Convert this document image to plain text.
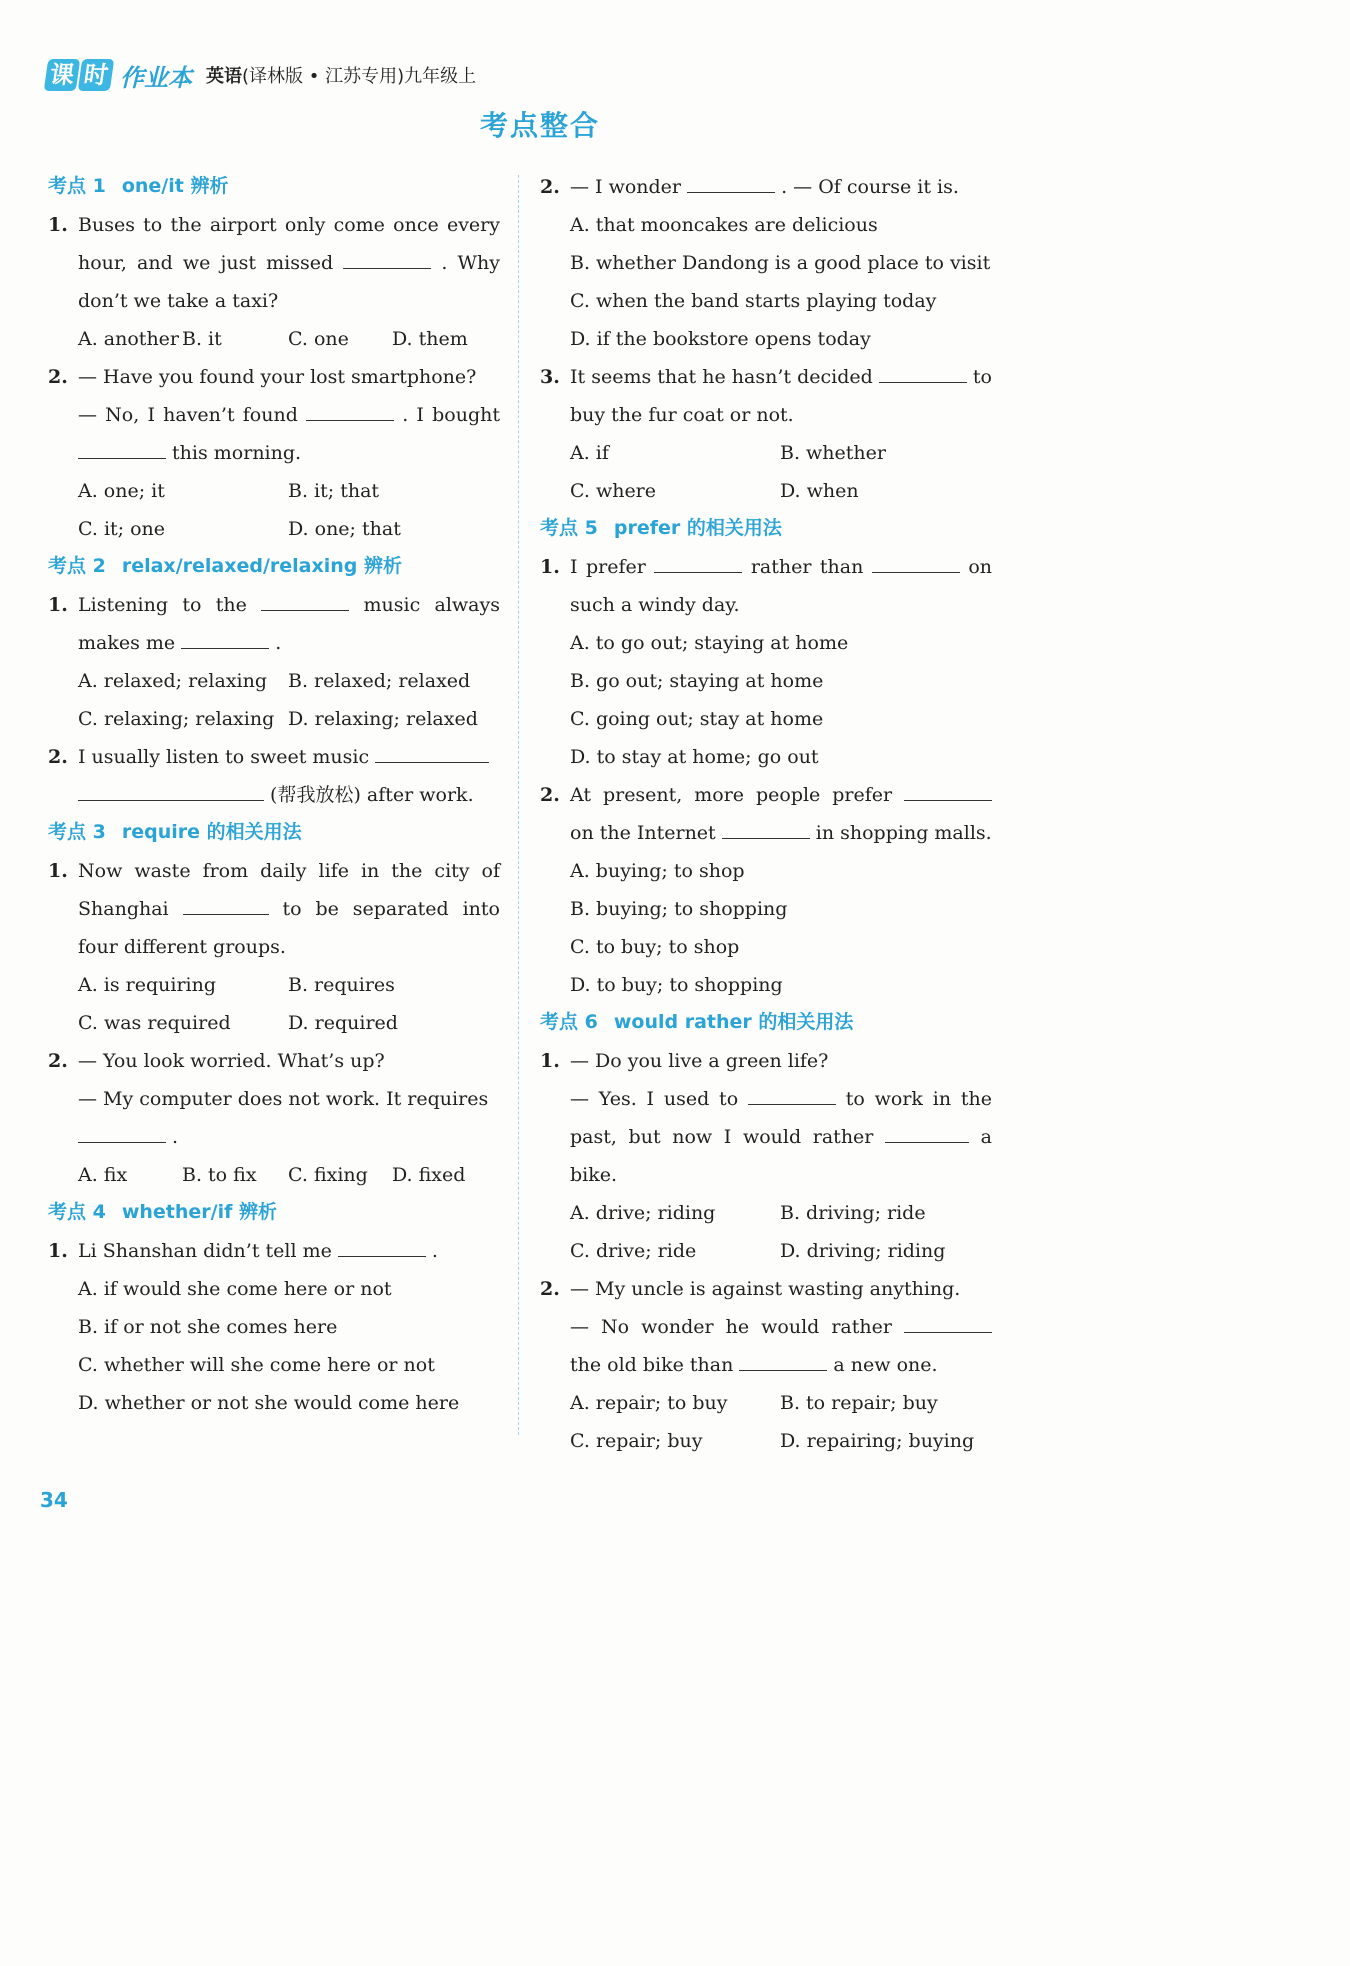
课 时 作业本 英语(译林版 • 江苏专用)九年级上
考点整合
考点 1 one/it 辨析
1. Buses to the airport only come once every hour, and we just missed	. Why don’t we take a taxi?
A. another B. it	C. one	D. them
2. — Have you found your lost smartphone?
— No, I haven’t found	. I bought  this morning.
A. one; it	B. it; that
C. it; one	D. one; that
考点 2 relax/relaxed/relaxing 辨析
1. Listening to the	music always makes me	.
A. relaxed; relaxing	B. relaxed; relaxed
C. relaxing; relaxing D. relaxing; relaxed
2. I usually listen to sweet music
(帮我放松) after work.
考点 3 require 的相关用法
1. Now waste from daily life in the city of Shanghai	to be separated into four different groups.
A. is requiring	B. requires
C. was required	D. required
2. — You look worried. What’s up?
— My computer does not work. It requires
.
A. fix	B. to fix	C. fixing	D. fixed
考点 4 whether/if 辨析
1. Li Shanshan didn’t tell me	.
A. if would she come here or not
B. if or not she comes here
C. whether will she come here or not
D. whether or not she would come here
2. — I wonder	. — Of course it is.
A. that mooncakes are delicious
B. whether Dandong is a good place to visit
C. when the band starts playing today
D. if the bookstore opens today
3. It seems that he hasn’t decided	to buy the fur coat or not.
A. if	B. whether
C. where	D. when
考点 5 prefer 的相关用法
1. I prefer	rather than	on such a windy day.
A. to go out; staying at home
B. go out; staying at home
C. going out; stay at home
D. to stay at home; go out
2. At present, more people prefer  on the Internet	in shopping malls.
A. buying; to shop
B. buying; to shopping
C. to buy; to shop
D. to buy; to shopping
考点 6 would rather 的相关用法
1. — Do you live a green life?
— Yes. I used to	to work in the past, but now I would rather	a bike.
A. drive; riding	B. driving; ride
C. drive; ride	D. driving; riding
2. — My uncle is against wasting anything.
— No wonder he would rather  the old bike than	a new one.
A. repair; to buy	B. to repair; buy
C. repair; buy	D. repairing; buying
34
